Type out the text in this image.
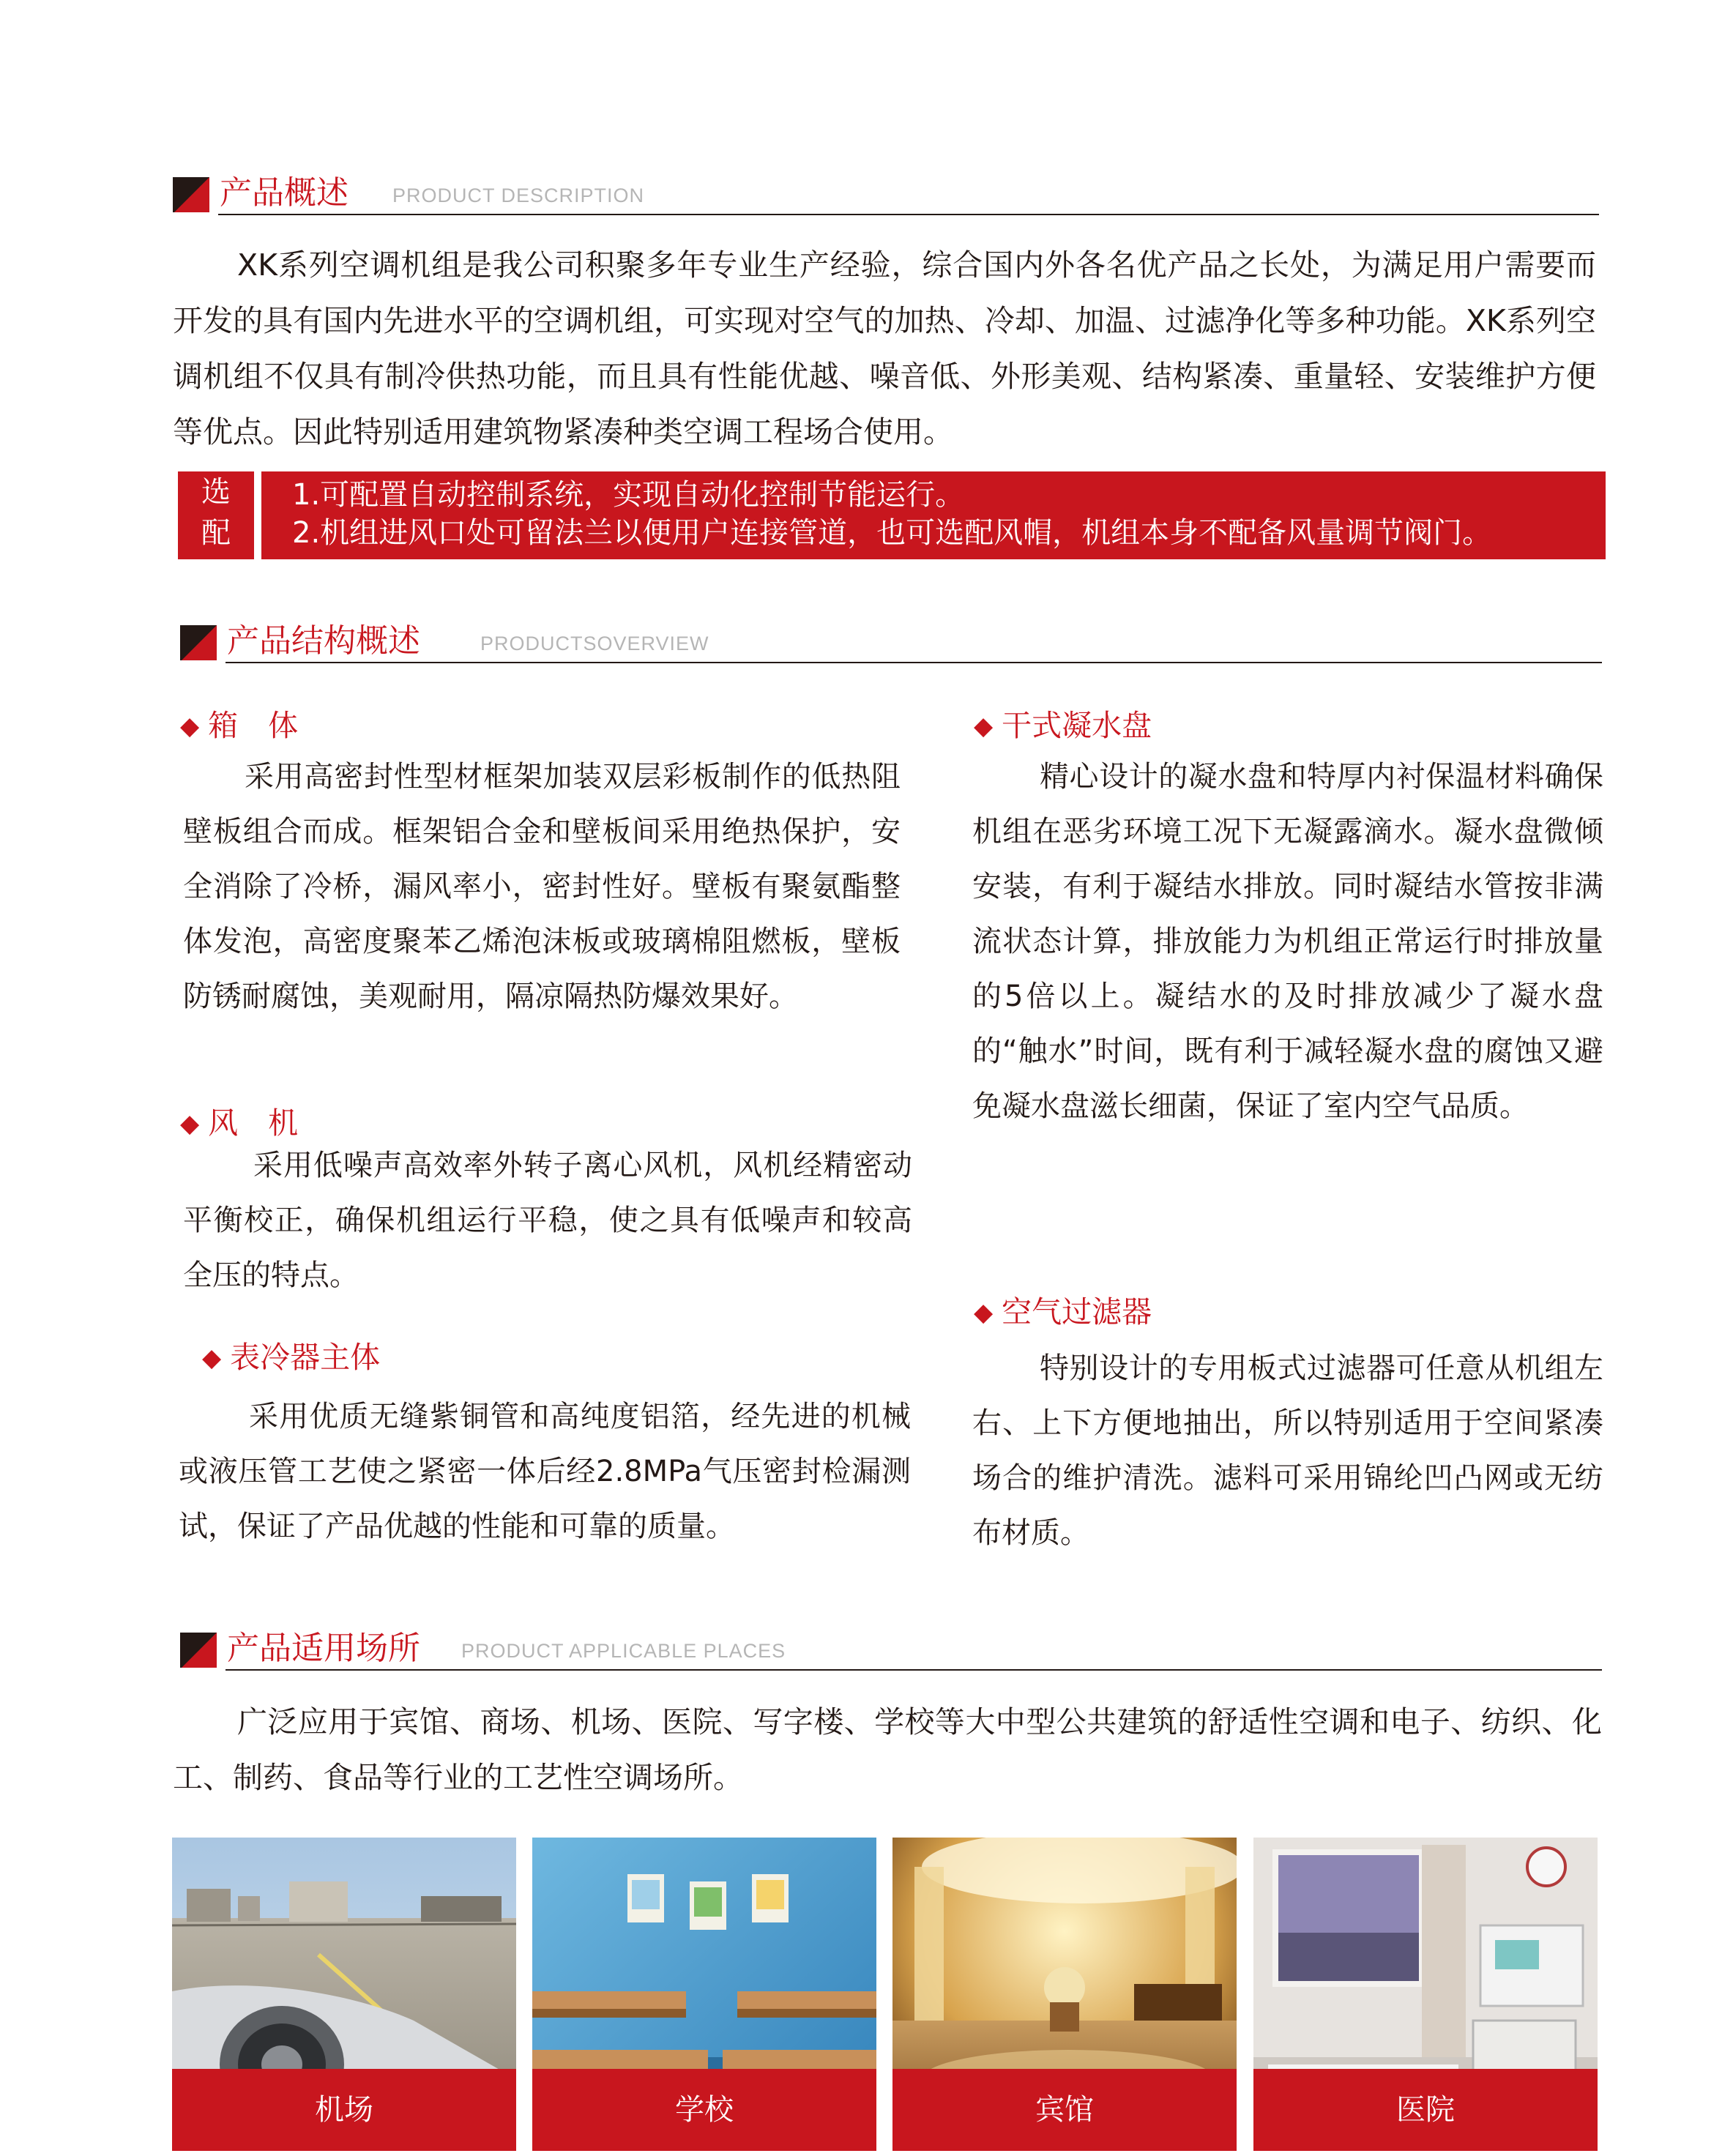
产品概述 PRODUCT DESCRIPTION

XK系列空调机组是我公司积聚多年专业生产经验，综合国内外各名优产品之长处，为满足用户需要而开发的具有国内先进水平的空调机组，可实现对空气的加热、冷却、加温、过滤净化等多种功能。XK系列空调机组不仅具有制冷供热功能，而且具有性能优越、噪音低、外形美观、结构紧凑、重量轻、安装维护方便等优点。因此特别适用建筑物紧凑种类空调工程场合使用。

选
配
1.可配置自动控制系统，实现自动化控制节能运行。
2.机组进风口处可留法兰以便用户连接管道，也可选配风帽，机组本身不配备风量调节阀门。
产品结构概述	PRODUCTSOVERVIEW
◆ 箱　体

采用高密封性型材框架加装双层彩板制作的低热阻壁板组合而成。框架铝合金和壁板间采用绝热保护，安全消除了冷桥，漏风率小，密封性好。壁板有聚氨酯整体发泡，高密度聚苯乙烯泡沫板或玻璃棉阻燃板，壁板防锈耐腐蚀，美观耐用，隔凉隔热防爆效果好。

◆ 风　机

采用低噪声高效率外转子离心风机，风机经精密动平衡校正，确保机组运行平稳，使之具有低噪声和较高全压的特点。

◆ 表冷器主体

采用优质无缝紫铜管和高纯度铝箔，经先进的机械或液压管工艺使之紧密一体后经2.8MPa气压密封检漏测试，保证了产品优越的性能和可靠的质量。

◆ 干式凝水盘

精心设计的凝水盘和特厚内衬保温材料确保机组在恶劣环境工况下无凝露滴水。凝水盘微倾安装，有利于凝结水排放。同时凝结水管按非满流状态计算，排放能力为机组正常运行时排放量的5倍以上。凝结水的及时排放减少了凝水盘的“触水”时间，既有利于减轻凝水盘的腐蚀又避免凝水盘滋长细菌，保证了室内空气品质。

◆ 空气过滤器

特别设计的专用板式过滤器可任意从机组左右、上下方便地抽出，所以特别适用于空间紧凑场合的维护清洗。滤料可采用锦纶凹凸网或无纺布材质。

产品适用场所 PRODUCT APPLICABLE PLACES

广泛应用于宾馆、商场、机场、医院、写字楼、学校等大中型公共建筑的舒适性空调和电子、纺织、化工、制药、食品等行业的工艺性空调场所。

机场	学校	宾馆	医院
